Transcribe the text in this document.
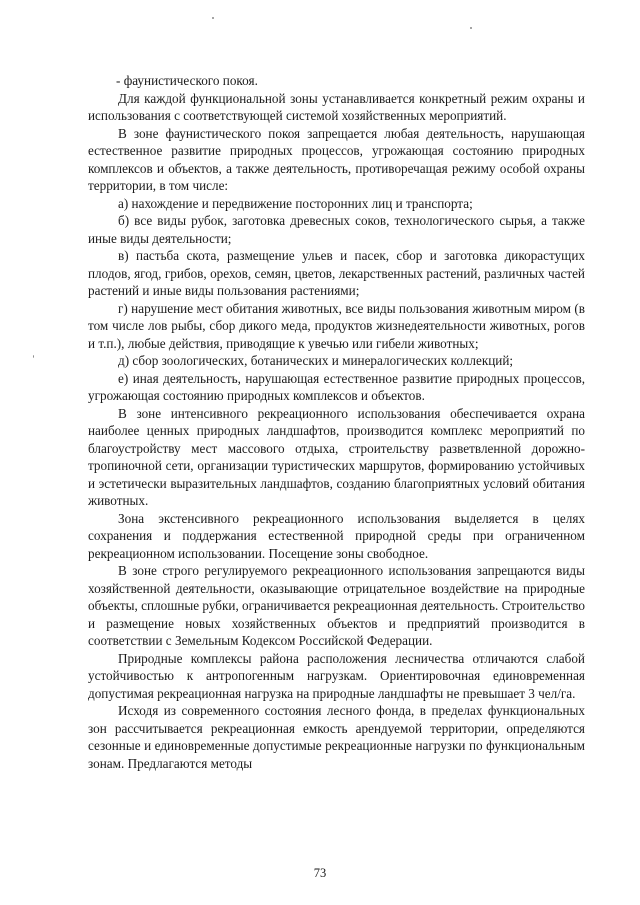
- фаунистического покоя.

Для каждой функциональной зоны устанавливается конкретный режим охраны и использования с соответствующей системой хозяйственных мероприятий.

В зоне фаунистического покоя запрещается любая деятельность, нарушающая естественное развитие природных процессов, угрожающая состоянию природных комплексов и объектов, а также деятельность, противоречащая режиму особой охраны территории, в том числе:

а) нахождение и передвижение посторонних лиц и транспорта;

б) все виды рубок, заготовка древесных соков, технологического сырья, а также иные виды деятельности;

в) пастьба скота, размещение ульев и пасек, сбор и заготовка дикорастущих плодов, ягод, грибов, орехов, семян, цветов, лекарственных растений, различных частей растений и иные виды пользования растениями;

г) нарушение мест обитания животных, все виды пользования животным миром (в том числе лов рыбы, сбор дикого меда, продуктов жизнедеятельности животных, рогов и т.п.), любые действия, приводящие к увечью или гибели животных;

д) сбор зоологических, ботанических и минералогических коллекций;

е) иная деятельность, нарушающая естественное развитие природных процессов, угрожающая состоянию природных комплексов и объектов.

В зоне интенсивного рекреационного использования обеспечивается охрана наиболее ценных природных ландшафтов, производится комплекс мероприятий по благоустройству мест массового отдыха, строительству разветвленной дорожно-тропиночной сети, организации туристических маршрутов, формированию устойчивых и эстетически выразительных ландшафтов, созданию благоприятных условий обитания животных.

Зона экстенсивного рекреационного использования выделяется в целях сохранения и поддержания естественной природной среды при ограниченном рекреационном использовании. Посещение зоны свободное.

В зоне строго регулируемого рекреационного использования запрещаются виды хозяйственной деятельности, оказывающие отрицательное воздействие на природные объекты, сплошные рубки, ограничивается рекреационная деятельность. Строительство и размещение новых хозяйственных объектов и предприятий производится в соответствии с Земельным Кодексом Российской Федерации.

Природные комплексы района расположения лесничества отличаются слабой устойчивостью к антропогенным нагрузкам. Ориентировочная единовременная допустимая рекреационная нагрузка на природные ландшафты не превышает 3 чел/га.

Исходя из современного состояния лесного фонда, в пределах функциональных зон рассчитывается рекреационная емкость арендуемой территории, определяются сезонные и единовременные допустимые рекреационные нагрузки по функциональным зонам. Предлагаются методы

73
